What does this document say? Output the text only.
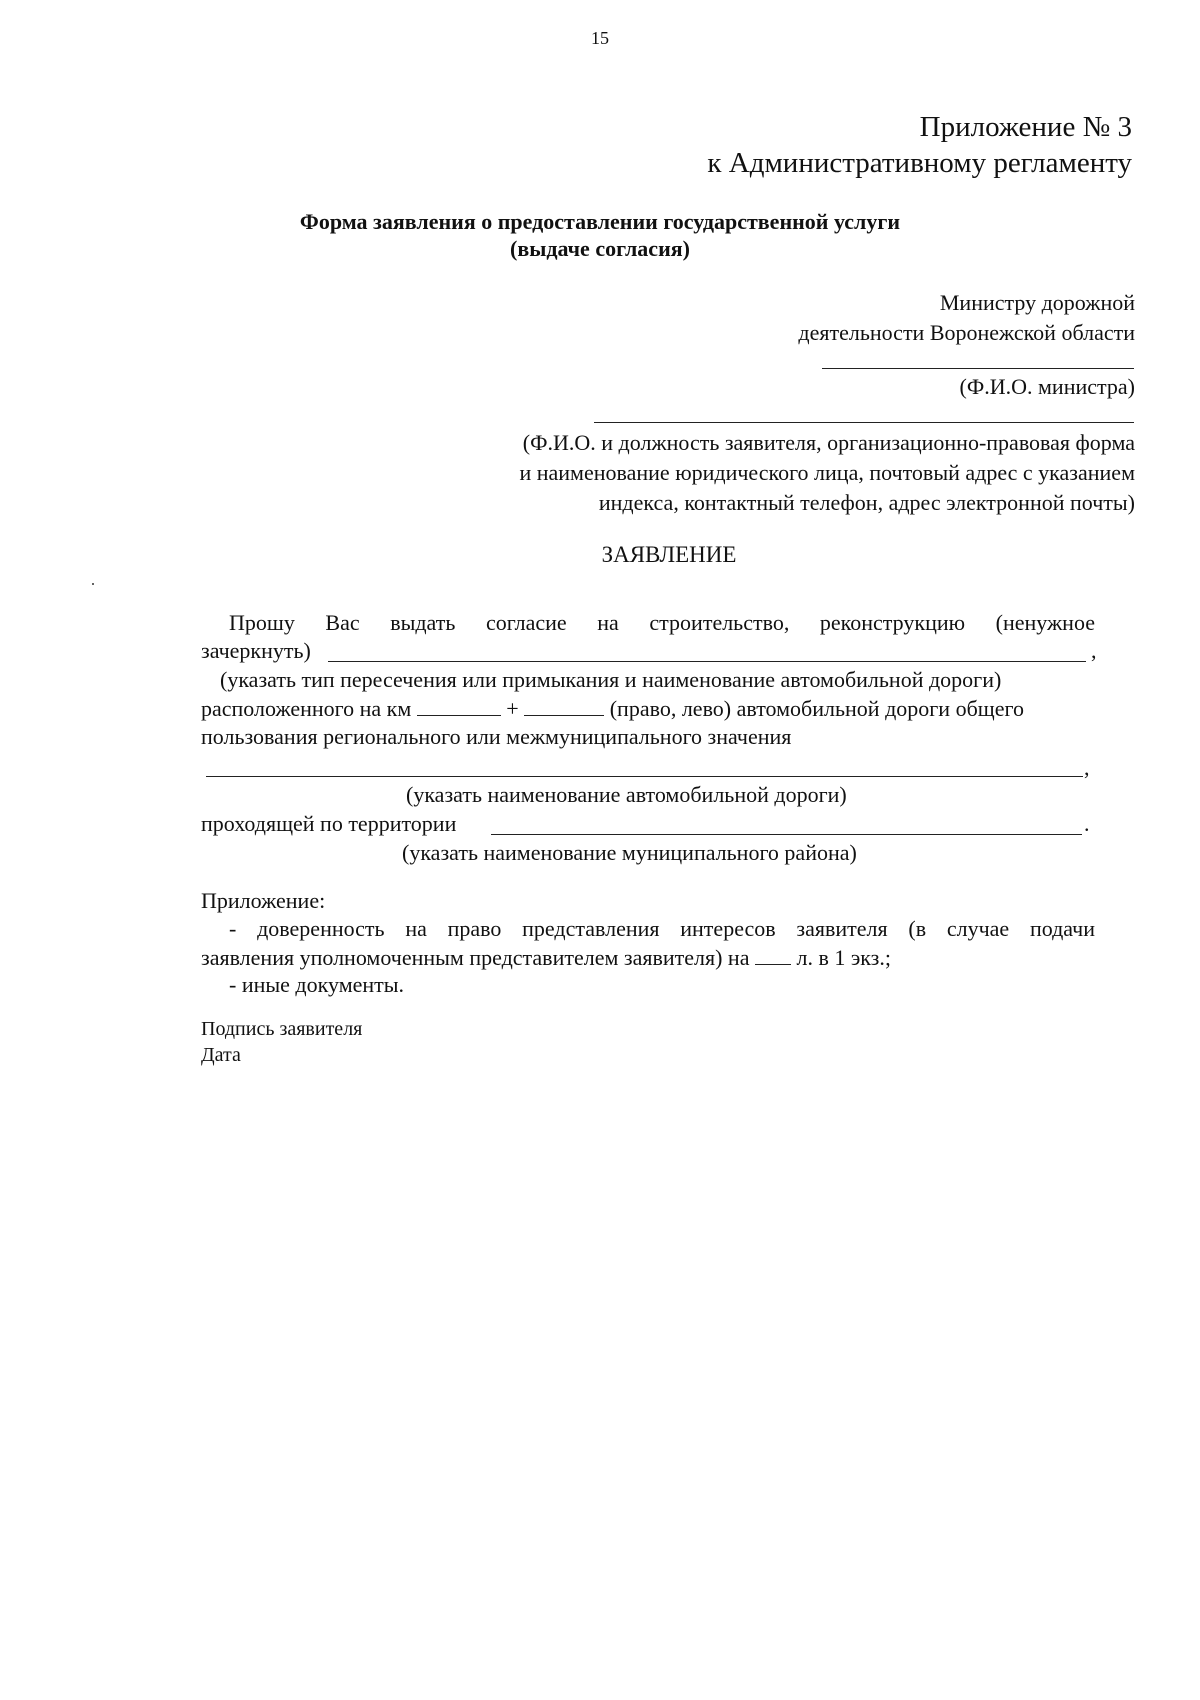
15
Приложение № 3
к Административному регламенту
Форма заявления о предоставлении государственной услуги
(выдаче согласия)
Министру дорожной
деятельности Воронежской области
(Ф.И.О. министра)
(Ф.И.О. и должность заявителя, организационно-правовая форма
и наименование юридического лица, почтовый адрес с указанием
индекса, контактный телефон, адрес электронной почты)
ЗАЯВЛЕНИЕ
Прошу Вас выдать согласие на строительство, реконструкцию (ненужное
зачеркнуть)	,
(указать тип пересечения или примыкания и наименование автомобильной дороги)
расположенного на км	+	(право, лево) автомобильной дороги общего
пользования регионального или межмуниципального значения
,
(указать наименование автомобильной дороги)
проходящей по территории	.
(указать наименование муниципального района)
Приложение:
- доверенность на право представления интересов заявителя (в случае подачи
заявления уполномоченным представителем заявителя) на л. в 1 экз.;
- иные документы.
Подпись заявителя
Дата
